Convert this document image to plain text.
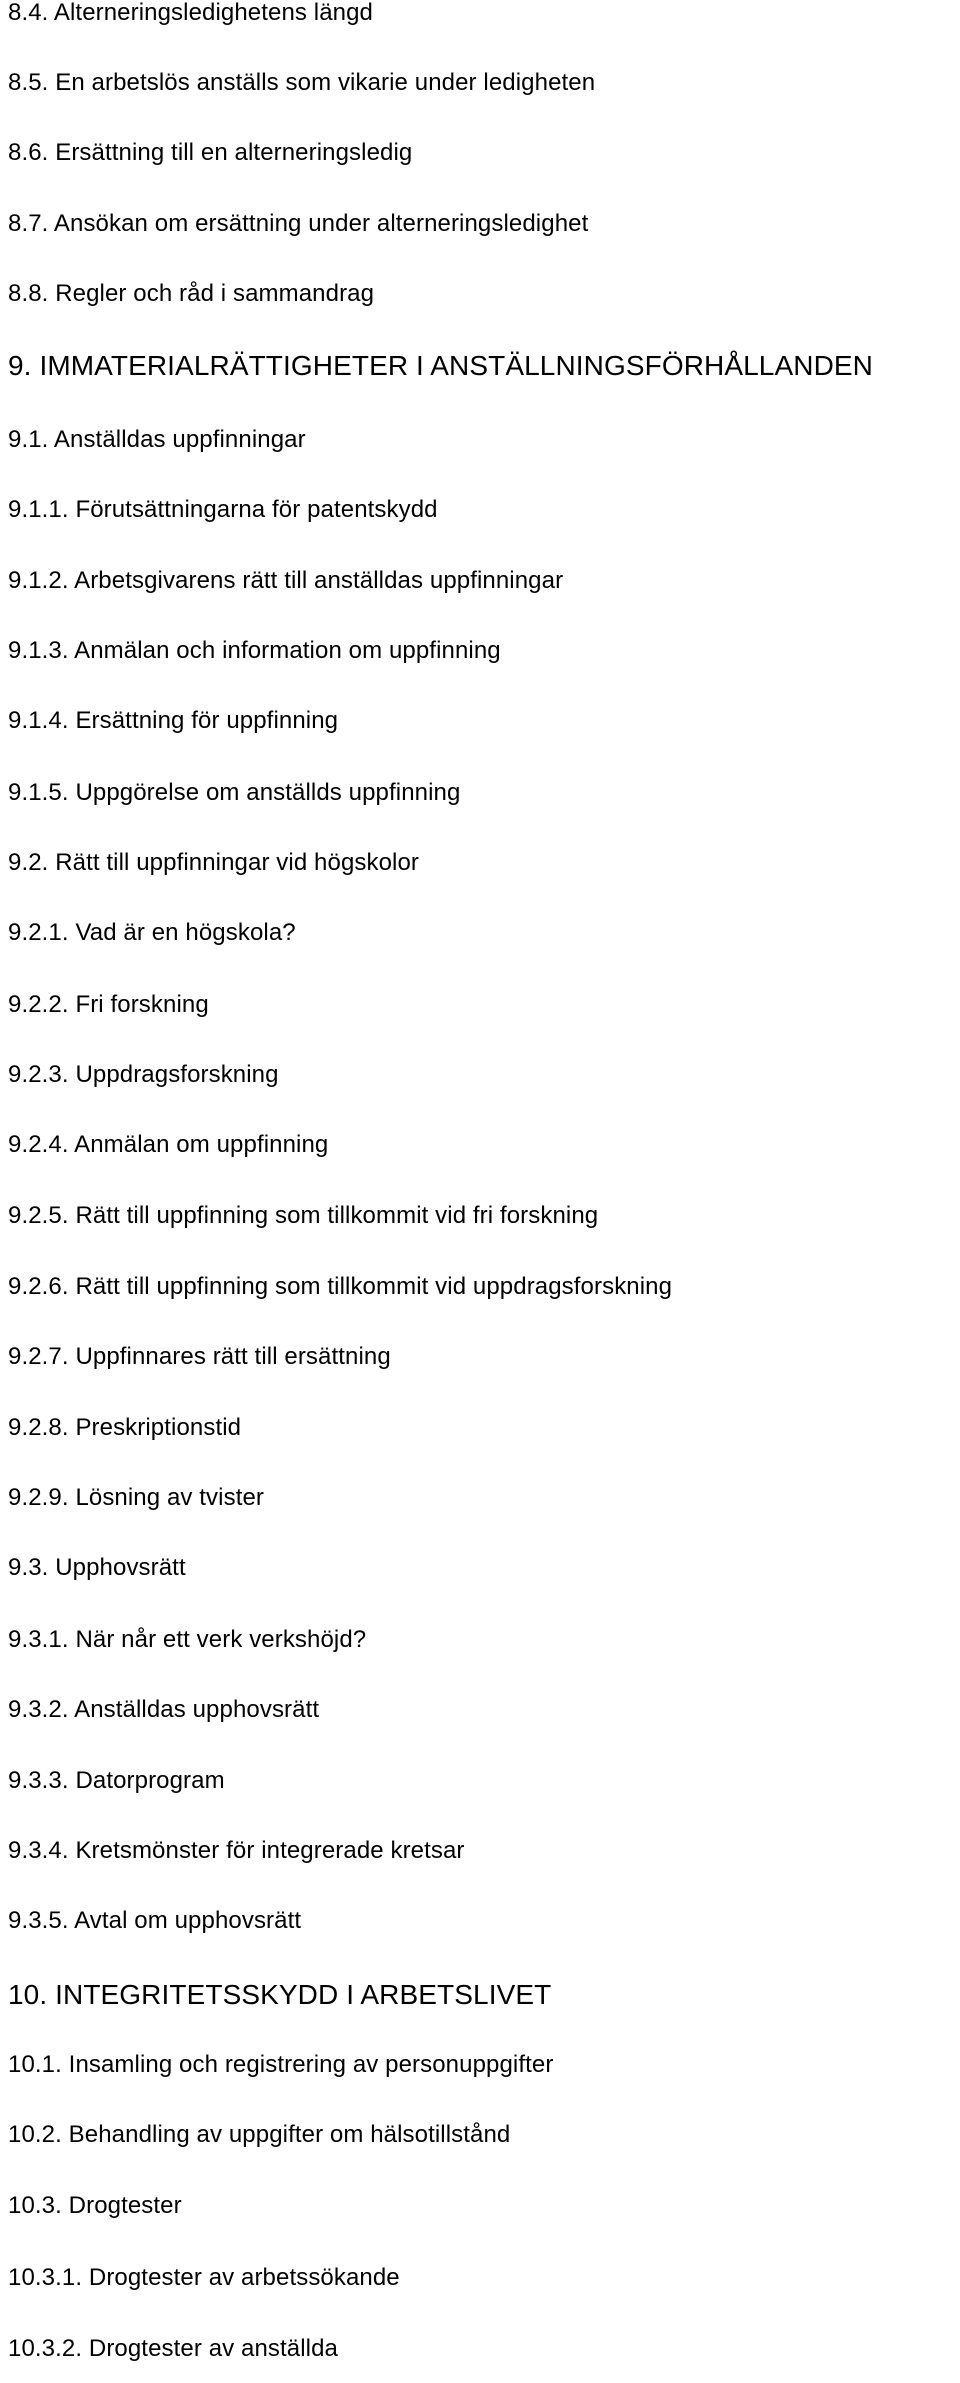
8.4. Alterneringsledighetens längd
8.5. En arbetslös anställs som vikarie under ledigheten
8.6. Ersättning till en alterneringsledig
8.7. Ansökan om ersättning under alterneringsledighet
8.8. Regler och råd i sammandrag
9. IMMATERIALRÄTTIGHETER I ANSTÄLLNINGSFÖRHÅLLANDEN
9.1. Anställdas uppfinningar
9.1.1. Förutsättningarna för patentskydd
9.1.2. Arbetsgivarens rätt till anställdas uppfinningar
9.1.3. Anmälan och information om uppfinning
9.1.4. Ersättning för uppfinning
9.1.5. Uppgörelse om anställds uppfinning
9.2. Rätt till uppfinningar vid högskolor
9.2.1. Vad är en högskola?
9.2.2. Fri forskning
9.2.3. Uppdragsforskning
9.2.4. Anmälan om uppfinning
9.2.5. Rätt till uppfinning som tillkommit vid fri forskning
9.2.6. Rätt till uppfinning som tillkommit vid uppdragsforskning
9.2.7. Uppfinnares rätt till ersättning
9.2.8. Preskriptionstid
9.2.9. Lösning av tvister
9.3. Upphovsrätt
9.3.1. När når ett verk verkshöjd?
9.3.2. Anställdas upphovsrätt
9.3.3. Datorprogram
9.3.4. Kretsmönster för integrerade kretsar
9.3.5. Avtal om upphovsrätt
10. INTEGRITETSSKYDD I ARBETSLIVET
10.1. Insamling och registrering av personuppgifter
10.2. Behandling av uppgifter om hälsotillstånd
10.3. Drogtester
10.3.1. Drogtester av arbetssökande
10.3.2. Drogtester av anställda
